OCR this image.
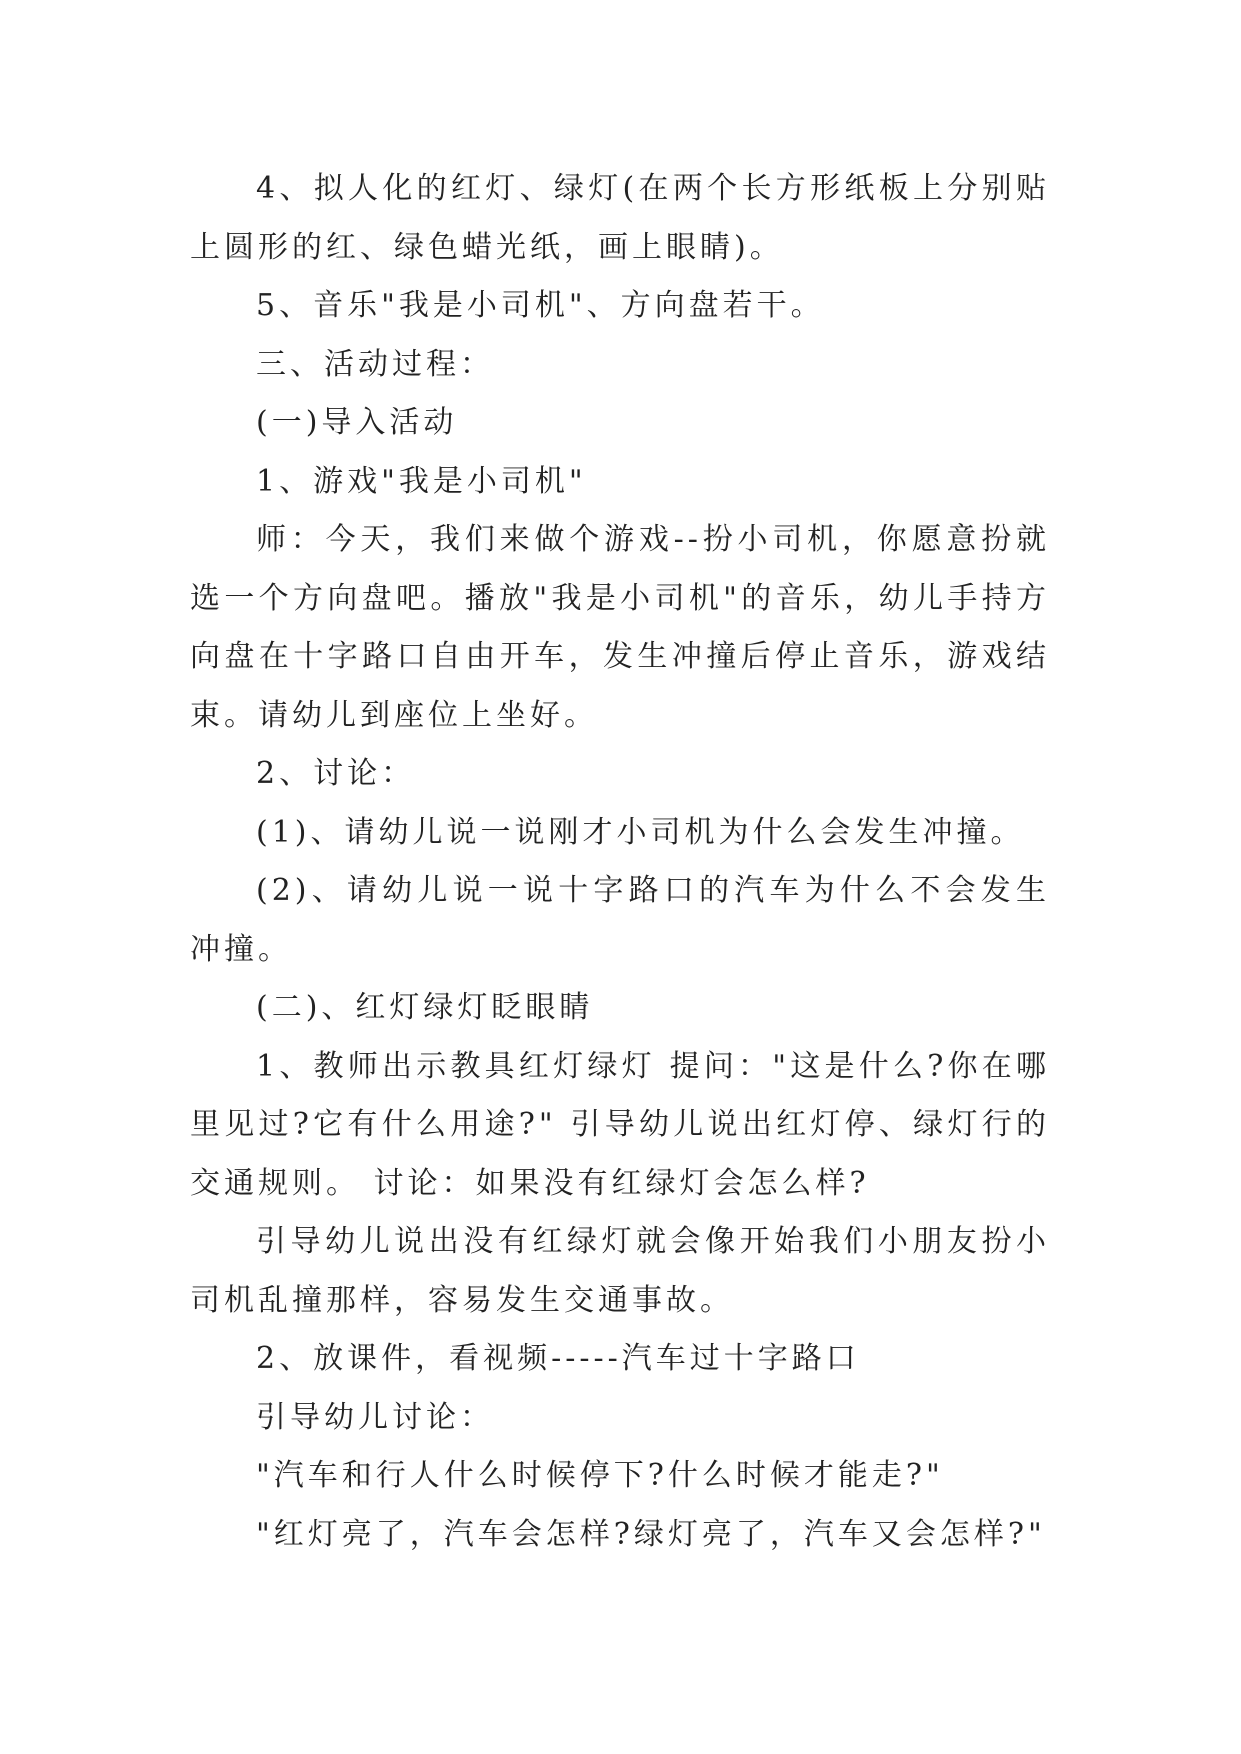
4、拟人化的红灯、绿灯(在两个长方形纸板上分别贴上圆形的红、绿色蜡光纸，画上眼睛)。

5、音乐"我是小司机"、方向盘若干。

三、活动过程：

(一)导入活动

1、游戏"我是小司机"

师：今天，我们来做个游戏--扮小司机，你愿意扮就选一个方向盘吧。播放"我是小司机"的音乐，幼儿手持方向盘在十字路口自由开车，发生冲撞后停止音乐，游戏结束。请幼儿到座位上坐好。

2、讨论：

(1)、请幼儿说一说刚才小司机为什么会发生冲撞。

(2)、请幼儿说一说十字路口的汽车为什么不会发生冲撞。

(二)、红灯绿灯眨眼睛

1、教师出示教具红灯绿灯 提问："这是什么?你在哪里见过?它有什么用途?" 引导幼儿说出红灯停、绿灯行的交通规则。 讨论：如果没有红绿灯会怎么样?

引导幼儿说出没有红绿灯就会像开始我们小朋友扮小司机乱撞那样，容易发生交通事故。

2、放课件，看视频-----汽车过十字路口

引导幼儿讨论：

"汽车和行人什么时候停下?什么时候才能走?"

"红灯亮了，汽车会怎样?绿灯亮了，汽车又会怎样?"
